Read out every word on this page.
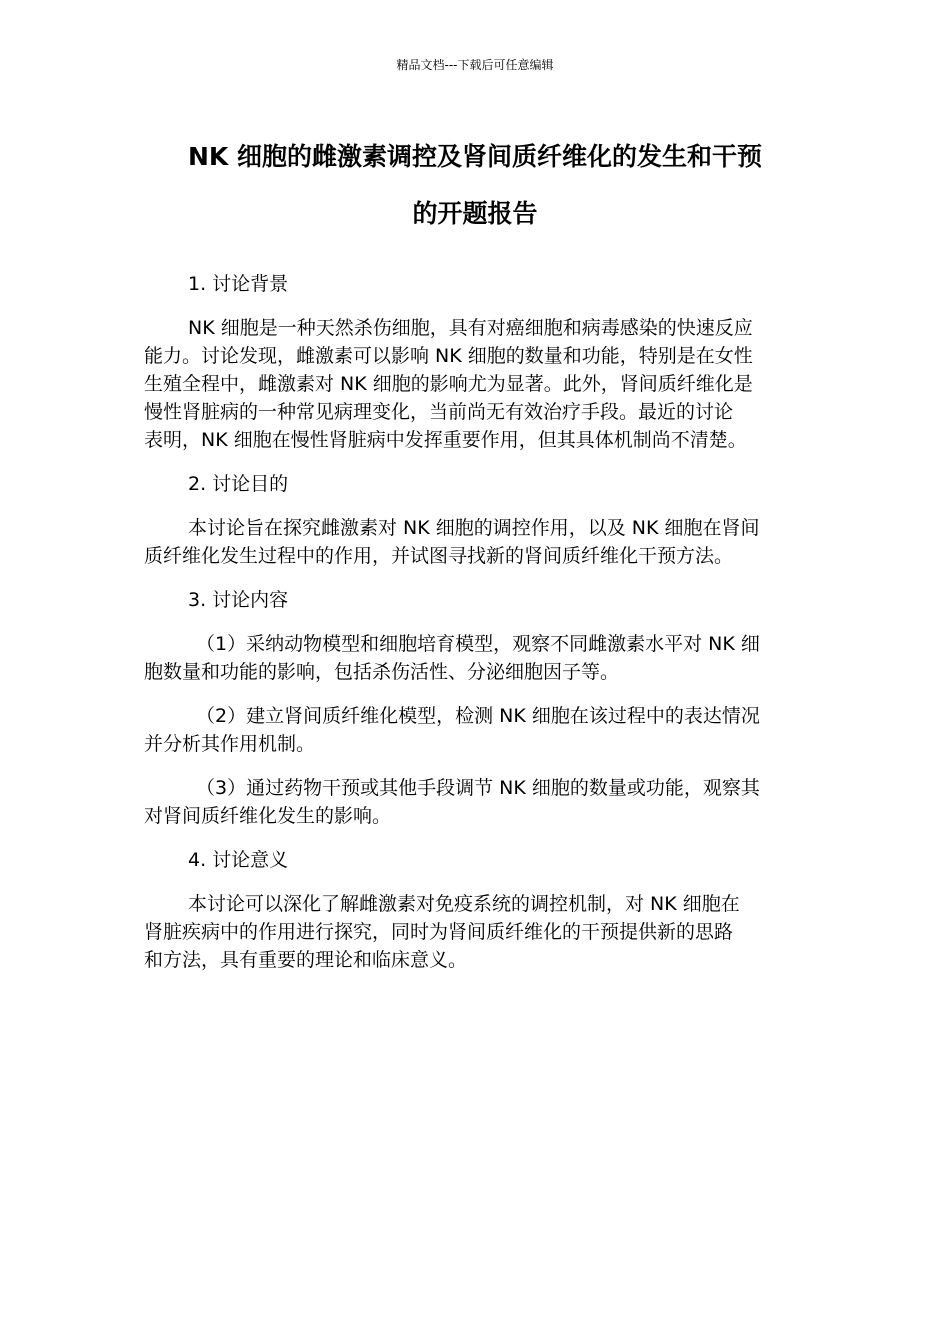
精品文档---下载后可任意编辑
NK 细胞的雌激素调控及肾间质纤维化的发生和干预
的开题报告
1. 讨论背景
NK 细胞是一种天然杀伤细胞，具有对癌细胞和病毒感染的快速反应
能力。讨论发现，雌激素可以影响 NK 细胞的数量和功能，特别是在女性
生殖全程中，雌激素对 NK 细胞的影响尤为显著。此外，肾间质纤维化是
慢性肾脏病的一种常见病理变化，当前尚无有效治疗手段。最近的讨论
表明，NK 细胞在慢性肾脏病中发挥重要作用，但其具体机制尚不清楚。
2. 讨论目的
本讨论旨在探究雌激素对 NK 细胞的调控作用，以及 NK 细胞在肾间
质纤维化发生过程中的作用，并试图寻找新的肾间质纤维化干预方法。
3. 讨论内容
（1）采纳动物模型和细胞培育模型，观察不同雌激素水平对 NK 细
胞数量和功能的影响，包括杀伤活性、分泌细胞因子等。
（2）建立肾间质纤维化模型，检测 NK 细胞在该过程中的表达情况
并分析其作用机制。
（3）通过药物干预或其他手段调节 NK 细胞的数量或功能，观察其
对肾间质纤维化发生的影响。
4. 讨论意义
本讨论可以深化了解雌激素对免疫系统的调控机制，对 NK 细胞在
肾脏疾病中的作用进行探究，同时为肾间质纤维化的干预提供新的思路
和方法，具有重要的理论和临床意义。
